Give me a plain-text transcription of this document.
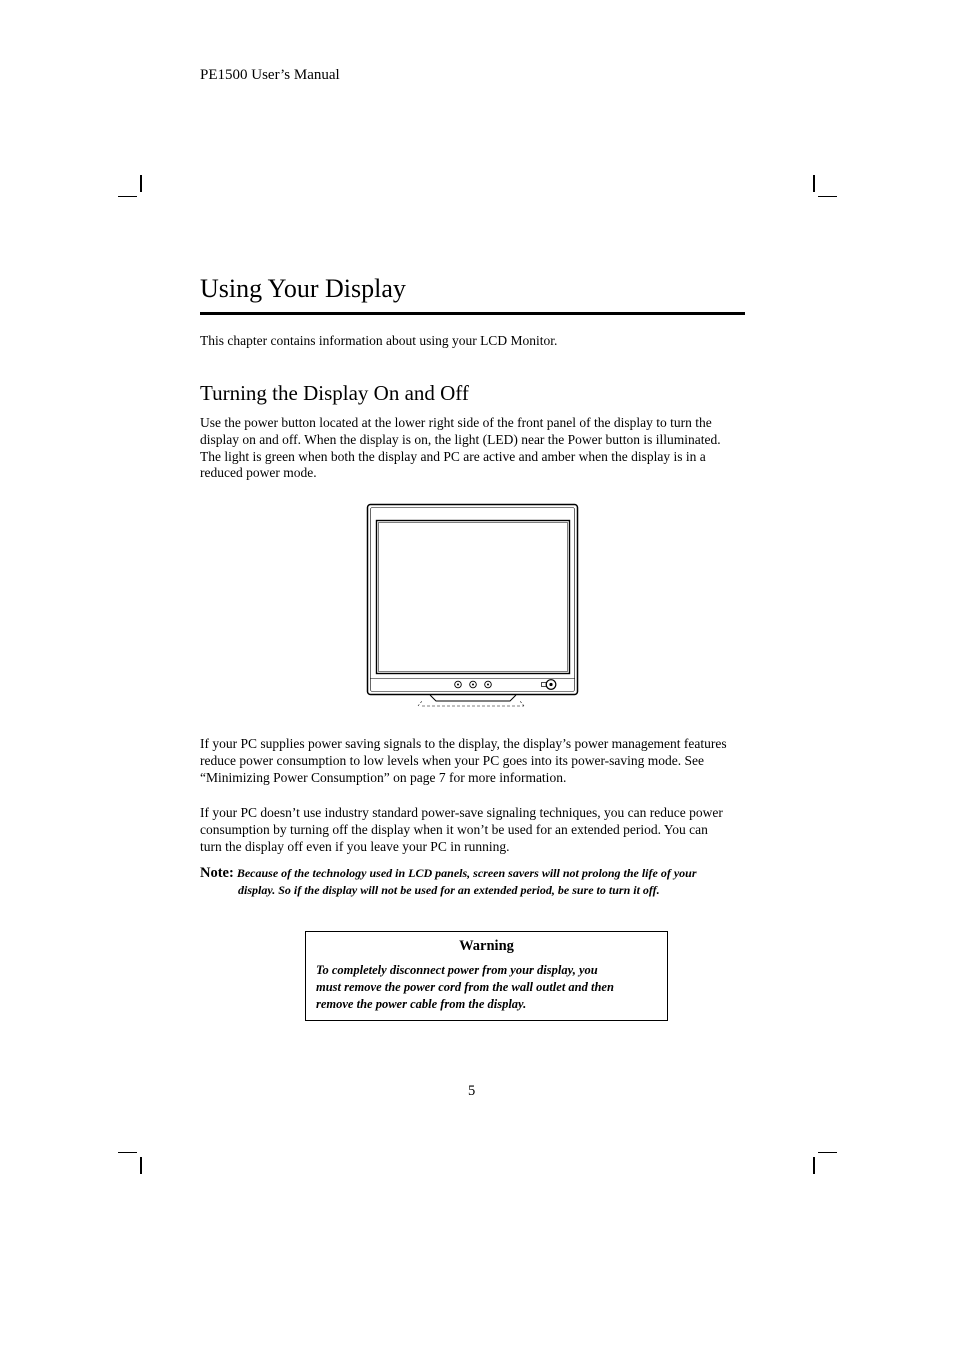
PE1500 User’s Manual
Using Your Display
This chapter contains information about using your LCD Monitor.
Turning the Display On and Off
Use the power button located at the lower right side of the front panel of the display to turn the
display on and off. When the display is on, the light (LED) near the Power button is illuminated.
The light is green when both the display and PC are active and amber when the display is in a
reduced power mode.
If your PC supplies power saving signals to the display, the display’s power management features
reduce power consumption to low levels when your PC goes into its power-saving mode. See
“Minimizing Power Consumption” on page 7 for more information.
If your PC doesn’t use industry standard power-save signaling techniques, you can reduce power
consumption by turning off the display when it won’t be used for an extended period. You can
turn the display off even if you leave your PC in running.
Note: Because of the technology used in LCD panels, screen savers will not prolong the life of your
display. So if the display will not be used for an extended period, be sure to turn it off.
Warning
To completely disconnect power from your display, you
must remove the power cord from the wall outlet and then
remove the power cable from the display.
5
